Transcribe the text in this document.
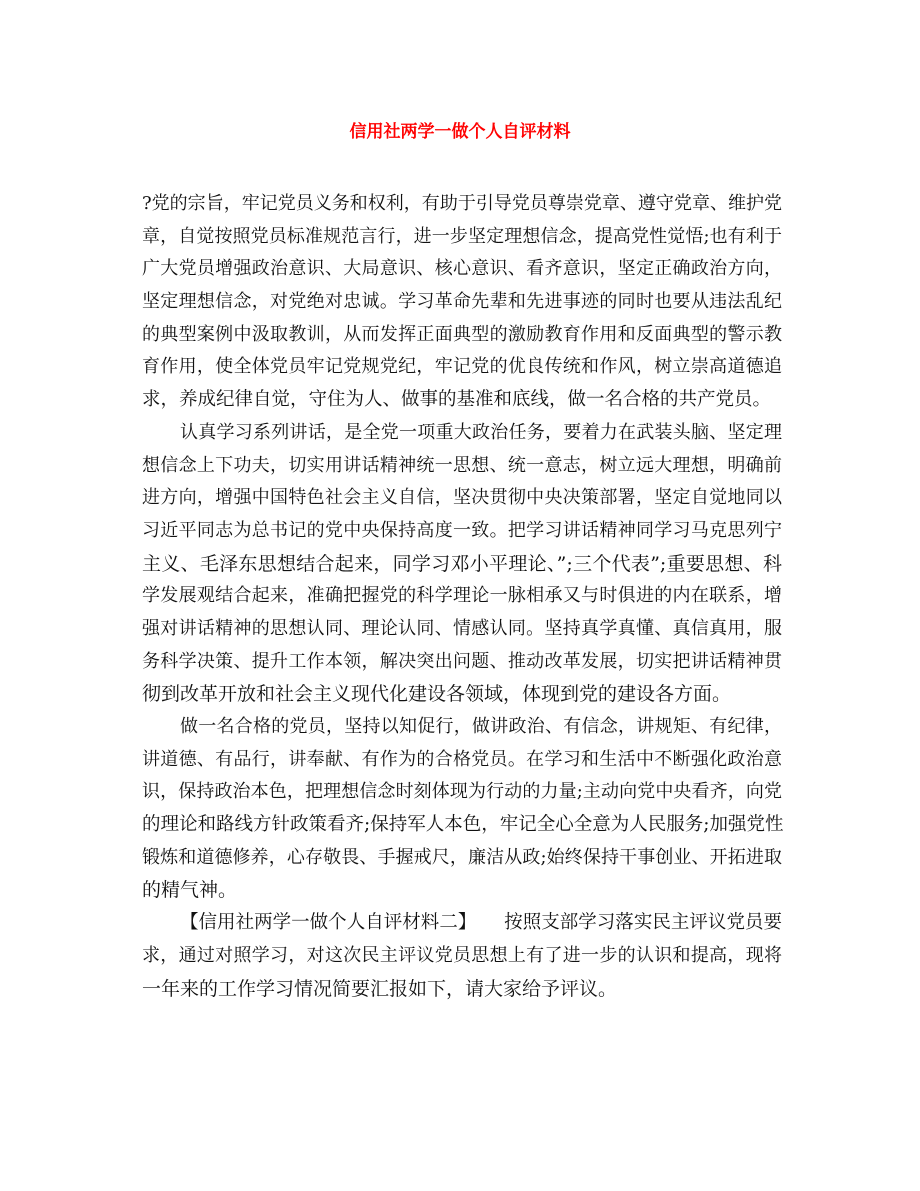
信用社两学一做个人自评材料
?党的宗旨，牢记党员义务和权利，有助于引导党员尊崇党章、遵守党章、维护党
章，自觉按照党员标准规范言行，进一步坚定理想信念，提高党性觉悟;也有利于
广大党员增强政治意识、大局意识、核心意识、看齐意识，坚定正确政治方向，
坚定理想信念，对党绝对忠诚。学习革命先辈和先进事迹的同时也要从违法乱纪
的典型案例中汲取教训，从而发挥正面典型的激励教育作用和反面典型的警示教
育作用，使全体党员牢记党规党纪，牢记党的优良传统和作风，树立崇高道德追
求，养成纪律自觉，守住为人、做事的基准和底线，做一名合格的共产党员。
认真学习系列讲话，是全党一项重大政治任务，要着力在武装头脑、坚定理
想信念上下功夫，切实用讲话精神统一思想、统一意志，树立远大理想，明确前
进方向，增强中国特色社会主义自信，坚决贯彻中央决策部署，坚定自觉地同以
习近平同志为总书记的党中央保持高度一致。把学习讲话精神同学习马克思列宁
主义、毛泽东思想结合起来，同学习邓小平理论、”;三个代表”;重要思想、科
学发展观结合起来，准确把握党的科学理论一脉相承又与时俱进的内在联系，增
强对讲话精神的思想认同、理论认同、情感认同。坚持真学真懂、真信真用，服
务科学决策、提升工作本领，解决突出问题、推动改革发展，切实把讲话精神贯
彻到改革开放和社会主义现代化建设各领域，体现到党的建设各方面。
做一名合格的党员，坚持以知促行，做讲政治、有信念，讲规矩、有纪律，
讲道德、有品行，讲奉献、有作为的合格党员。在学习和生活中不断强化政治意
识，保持政治本色，把理想信念时刻体现为行动的力量;主动向党中央看齐，向党
的理论和路线方针政策看齐;保持军人本色，牢记全心全意为人民服务;加强党性
锻炼和道德修养，心存敬畏、手握戒尺，廉洁从政;始终保持干事创业、开拓进取
的精气神。
【信用社两学一做个人自评材料二】　　按照支部学习落实民主评议党员要
求，通过对照学习，对这次民主评议党员思想上有了进一步的认识和提高，现将
一年来的工作学习情况简要汇报如下，请大家给予评议。
